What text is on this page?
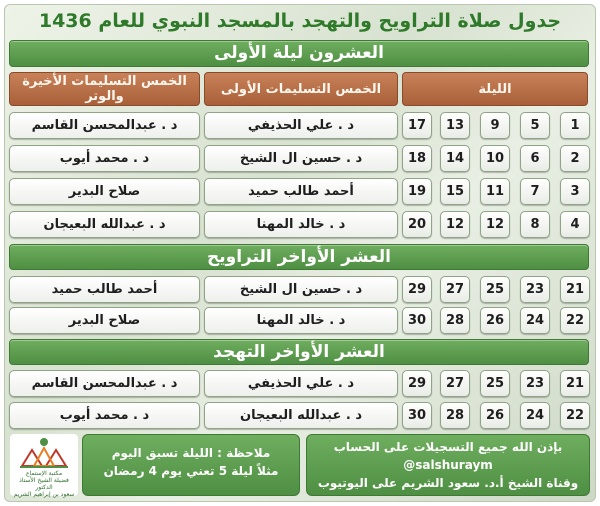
جدول صلاة التراويح والتهجد بالمسجد النبوي للعام 1436
العشرون ليلة الأولى
الليلة
الخمس التسليمات الأولى
الخمس التسليمات الأخيرة والوتر
1
5
9
13
17
د . علي الحذيفي
د . عبدالمحسن القاسم
2
6
10
14
18
د . حسين ال الشيخ
د . محمد أيوب
3
7
11
15
19
أحمد طالب حميد
صلاح البدير
4
8
12
12
20
د . خالد المهنا
د . عبدالله البعيجان
العشر الأواخر التراويح
21
23
25
27
29
د . حسين ال الشيخ
أحمد طالب حميد
22
24
26
28
30
د . خالد المهنا
صلاح البدير
العشر الأواخر التهجد
21
23
25
27
29
د . علي الحذيفي
د . عبدالمحسن القاسم
22
24
26
28
30
د . عبدالله البعيجان
د . محمد أيوب
مكتبة الإستماع
فضيلة الشيخ الأستاذ الدكتور
سعود بن إبراهيم الشريم
ملاحظة : الليلة تسبق اليوم
مثلاً ليلة 5 تعني يوم 4 رمضان
بإذن الله جميع التسجيلات على الحساب
@salshuraym
وقناة الشيخ أ.د. سعود الشريم على اليوتيوب
